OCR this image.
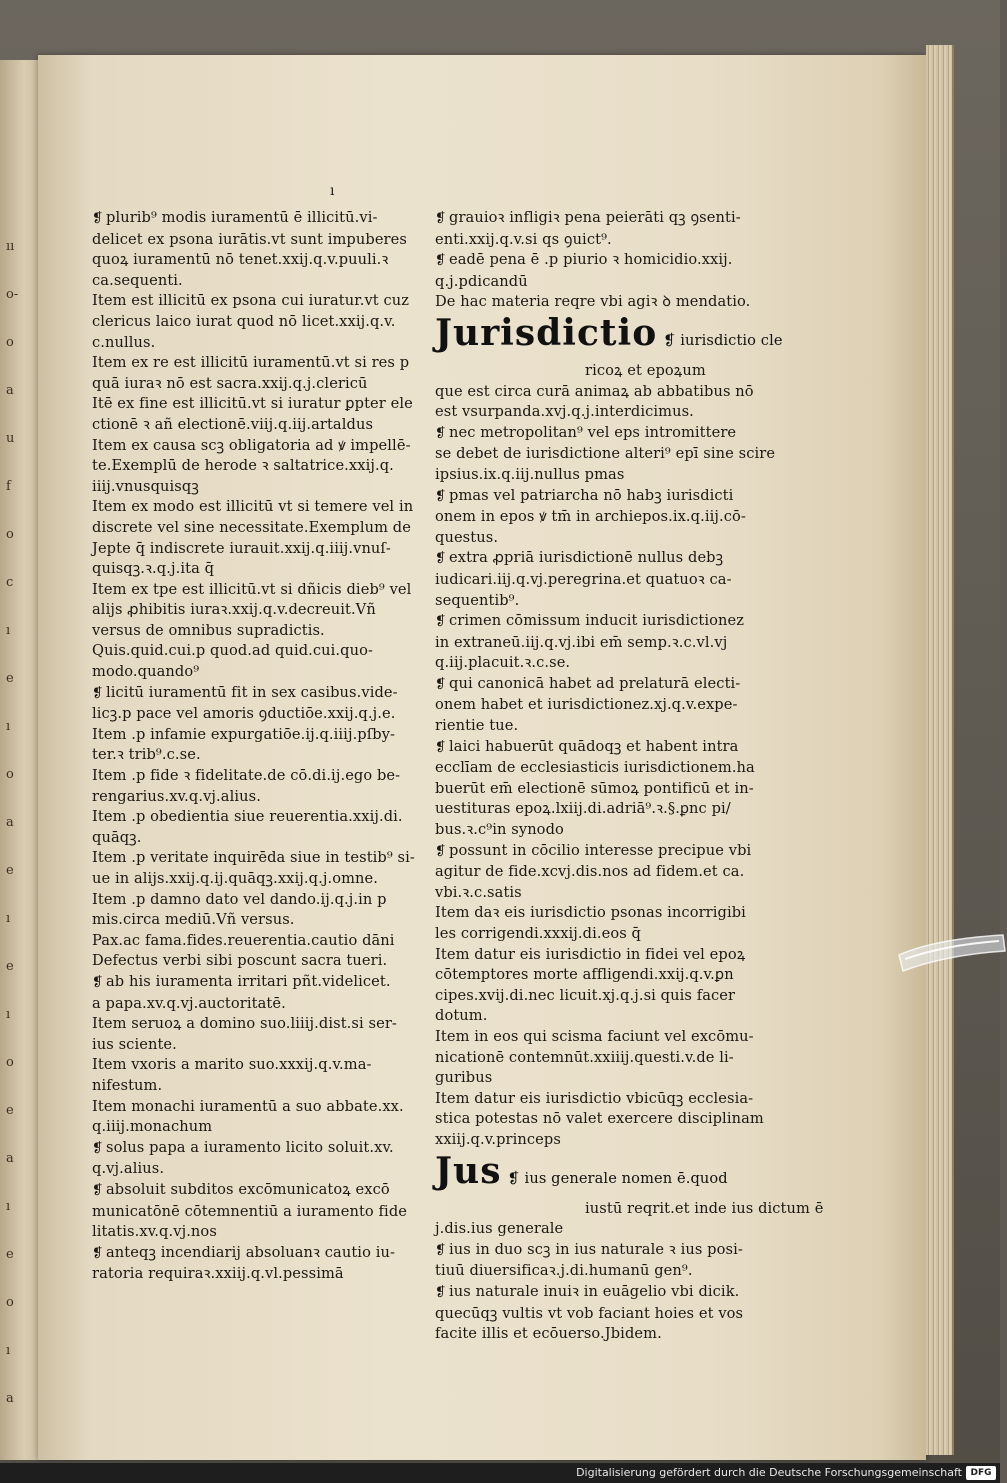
ıı
o-
o
a
u
f
o
c
ı
e
ı
o
a
e
ı
e
ı
o
e
a
ı
e
o
ı
a
ı
❡ plurib⁹ modis iuramentū ē illicitū.vi-
delicet ex psona iurātis.vt sunt impuberes
quoꝝ iuramentū nō tenet.xxij.q.v.puuli.ꝛ
ca.sequenti.
Item est illicitū ex psona cui iuratur.vt cuz
clericus laico iurat quod nō licet.xxij.q.v.
c.nullus.
Item ex re est illicitū iuramentū.vt si res p
quā iuraꝛ nō est sacra.xxij.q.j.clericū
Itē ex fine est illicitū.vt si iuratur ꝑpter ele
ctionē ꝛ añ electionē.viij.q.iij.artaldus
Item ex causa scꝫ obligatoria ad ꝟ impellē-
te.Exemplū de herode ꝛ saltatrice.xxij.q.
iiij.vnusquisqꝫ
Item ex modo est illicitū vt si temere vel in
discrete vel sine necessitate.Exemplum de
Jepte q̄ indiscrete iurauit.xxij.q.iiij.vnuſ-
quisqꝫ.ꝛ.q.j.ita q̄
Item ex tpe est illicitū.vt si dñicis dieb⁹ vel
alijs ꝓhibitis iuraꝛ.xxij.q.v.decreuit.Vñ
versus de omnibus supradictis.
Quis.quid.cui.p quod.ad quid.cui.quo-
modo.quando⁹
❡ licitū iuramentū fit in sex casibus.vide-
licꝫ.p pace vel amoris ꝯductiōe.xxij.q.j.e.
Item .p infamie expurgatiōe.ij.q.iiij.pſby-
ter.ꝛ trib⁹.c.se.
Item .p fide ꝛ fidelitate.de cō.di.ij.ego be-
rengarius.xv.q.vj.alius.
Item .p obedientia siue reuerentia.xxij.di.
quāqꝫ.
Item .p veritate inquirēda siue in testib⁹ si-
ue in alijs.xxij.q.ij.quāqꝫ.xxij.q.j.omne.
Item .p damno dato vel dando.ij.q.j.in p
mis.circa mediū.Vñ versus.
Pax.ac fama.fides.reuerentia.cautio dāni
Defectus verbi sibi poscunt sacra tueri.
❡ ab his iuramenta irritari pñt.videlicet.
a papa.xv.q.vj.auctoritatē.
Item seruoꝝ a domino suo.liiij.dist.si ser-
ius sciente.
Item vxoris a marito suo.xxxij.q.v.ma-
nifestum.
Item monachi iuramentū a suo abbate.xx.
q.iiij.monachum
❡ solus papa a iuramento licito soluit.xv.
q.vj.alius.
❡ absoluit subditos excōmunicatoꝝ excō
municatōnē cōtemnentiū a iuramento fide
litatis.xv.q.vj.nos
❡ anteqꝫ incendiarij absoluanꝛ cautio iu-
ratoria requiraꝛ.xxiij.q.vl.pessimā
❡ grauioꝛ infligiꝛ pena peierāti qꝫ ꝯsenti-
enti.xxij.q.v.si qs ꝯuict⁹.
❡ eadē pena ē .p piurio ꝛ homicidio.xxij.
q.j.pdicandū
De hac materia reqre vbi agiꝛ ꝺ mendatio.
Jurisdictio ❡ iurisdictio cle
ricoꝝ et epoꝝum
que est circa curā animaꝝ ab abbatibus nō
est vsurpanda.xvj.q.j.interdicimus.
❡ nec metropolitan⁹ vel eps intromittere
se debet de iurisdictione alteri⁹ epī sine scire
ipsius.ix.q.iij.nullus pmas
❡ pmas vel patriarcha nō habꝫ iurisdicti
onem in epos ꝟ tm̄ in archiepos.ix.q.iij.cō-
questus.
❡ extra ꝓpriā iurisdictionē nullus debꝫ
iudicari.iij.q.vj.peregrina.et quatuoꝛ ca-
sequentib⁹.
❡ crimen cōmissum inducit iurisdictionez
in extraneū.iij.q.vj.ibi em̄ semp.ꝛ.c.vl.vj
q.iij.placuit.ꝛ.c.se.
❡ qui canonicā habet ad prelaturā electi-
onem habet et iurisdictionez.xj.q.v.expe-
rientie tue.
❡ laici habuerūt quādoqꝫ et habent intra
ecclīam de ecclesiasticis iurisdictionem.ha
buerūt em̄ electionē sūmoꝝ pontificū et in-
uestituras epoꝝ.lxiij.di.adriā⁹.ꝛ.§.ꝑnc pi/
bus.ꝛ.c⁹in synodo
❡ possunt in cōcilio interesse precipue vbi
agitur de fide.xcvj.dis.nos ad fidem.et ca.
vbi.ꝛ.c.satis
Item daꝛ eis iurisdictio psonas incorrigibi
les corrigendi.xxxij.di.eos q̄
Item datur eis iurisdictio in fidei vel epoꝝ
cōtemptores morte affligendi.xxij.q.v.ꝑn
cipes.xvij.di.nec licuit.xj.q.j.si quis facer
dotum.
Item in eos qui scisma faciunt vel excōmu-
nicationē contemnūt.xxiiij.questi.v.de li-
guribus
Item datur eis iurisdictio vbicūqꝫ ecclesia-
stica potestas nō valet exercere disciplinam
xxiij.q.v.princeps
Jus ❡ ius generale nomen ē.quod
iustū reqrit.et inde ius dictum ē
j.dis.ius generale
❡ ius in duo scꝫ in ius naturale ꝛ ius posi-
tiuū diuersificaꝛ.j.di.humanū gen⁹.
❡ ius naturale inuiꝛ in euāgelio vbi dicik.
quecūqꝫ vultis vt vob faciant hoies et vos
facite illis et ecōuerso.Jbidem.
Digitalisierung gefördert durch die Deutsche Forschungsgemeinschaft DFG
